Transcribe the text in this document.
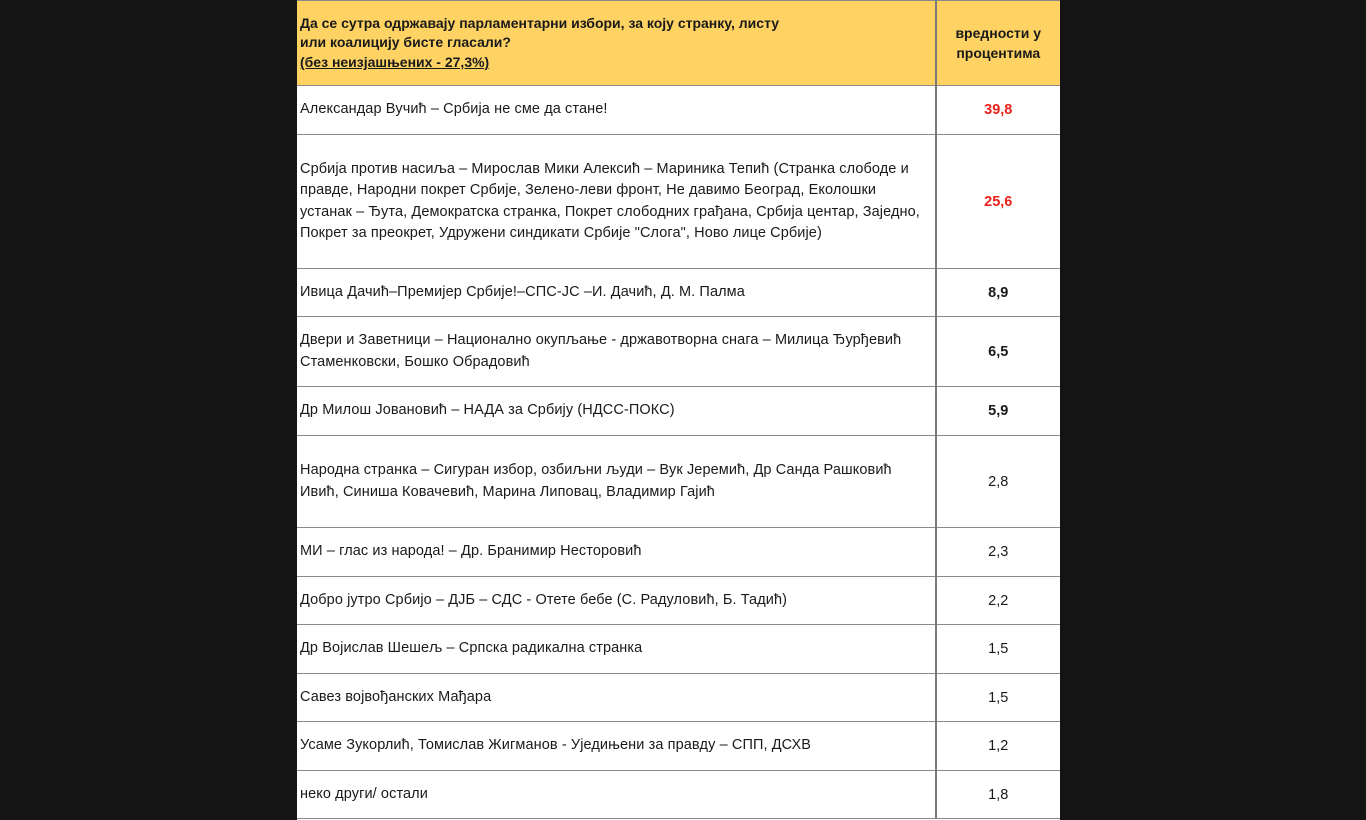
Да се сутра одржавају парламентарни избори, за коју странку, листу
или коалицију бисте гласали?
(без неизјашњених - 27,3%)	вредности у
процентима
Александар Вучић – Србија не сме да стане!	39,8
Србија против насиља – Мирослав Мики Алексић – Мариника Тепић (Странка слободе и правде, Народни покрет Србије, Зелено-леви фронт, Не давимо Београд, Еколошки устанак – Ђута, Демократска странка, Покрет слободних грађана, Србија центар, Заједно, Покрет за преокрет, Удружени синдикати Србије "Слога", Ново лице Србије)	25,6
Ивица Дачић–Премијер Србије!–СПС-ЈС –И. Дачић, Д. М. Палма	8,9
Двери и Заветници – Национално окупљање - државотворна снага – Милица Ђурђевић Стаменковски, Бошко Обрадовић	6,5
Др Милош Јовановић – НАДА за Србију (НДСС-ПОКС)	5,9
Народна странка – Сигуран избор, озбиљни људи – Вук Јеремић, Др Санда Рашковић Ивић, Синиша Ковачевић, Марина Липовац, Владимир Гајић	2,8
МИ – глас из народа! – Др. Бранимир Несторовић	2,3
Добро јутро Србијо – ДЈБ – СДС - Отете бебе (С. Радуловић, Б. Тадић)	2,2
Др Војислав Шешељ – Српска радикална странка	1,5
Савез војвођанских Мађара	1,5
Усаме Зукорлић, Томислав Жигманов - Уједињени за правду – СПП, ДСХВ	1,2
неко други/ остали	1,8
